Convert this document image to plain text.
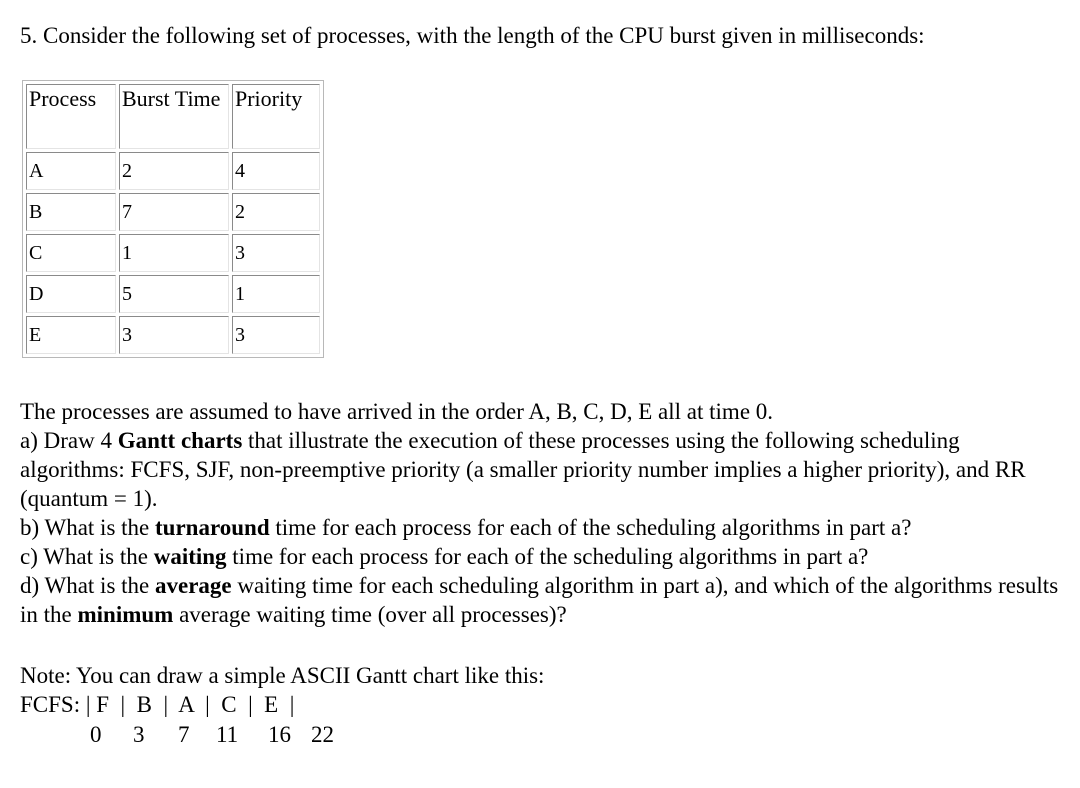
5. Consider the following set of processes, with the length of the CPU burst given in milliseconds:

Process	Burst Time	Priority
A	2	4
B	7	2
C	1	3
D	5	1
E	3	3

The processes are assumed to have arrived in the order A, B, C, D, E all at time 0.

a) Draw 4 Gantt charts that illustrate the execution of these processes using the following scheduling algorithms: FCFS, SJF, non-preemptive priority (a smaller priority number implies a higher priority), and RR (quantum = 1).

b) What is the turnaround time for each process for each of the scheduling algorithms in part a?

c) What is the waiting time for each process for each of the scheduling algorithms in part a?

d) What is the average waiting time for each scheduling algorithm in part a), and which of the algorithms results in the minimum average waiting time (over all processes)?

Note: You can draw a simple ASCII Gantt chart like this:

FCFS: | F  |  B  |  A  |  C  |  E  |

0 3 7 11 16 22
